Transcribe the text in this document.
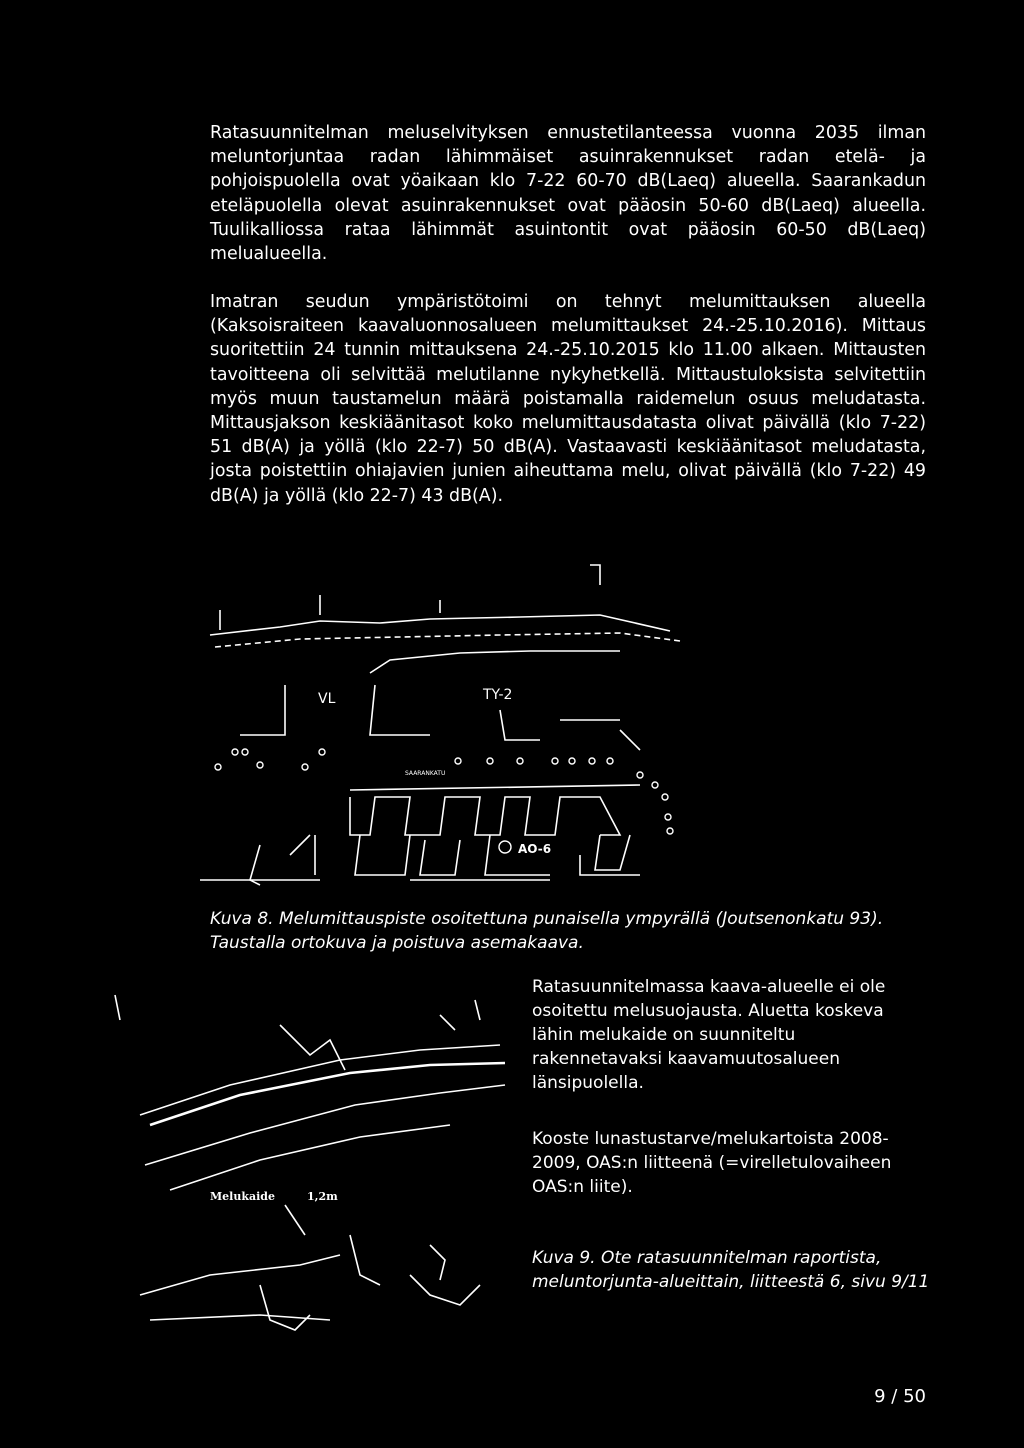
Ratasuunnitelman meluselvityksen ennustetilanteessa vuonna 2035 ilman meluntorjuntaa radan lähimmäiset asuinrakennukset radan etelä- ja pohjoispuolella ovat yöaikaan klo 7-22 60-70 dB(Laeq) alueella. Saarankadun eteläpuolella olevat asuinrakennukset ovat pääosin 50-60 dB(Laeq) alueella. Tuulikalliossa rataa lähimmät asuintontit ovat pääosin 60-50 dB(Laeq) melualueella.

Imatran seudun ympäristötoimi on tehnyt melumittauksen alueella (Kaksoisraiteen kaavaluonnosalueen melumittaukset 24.-25.10.2016). Mittaus suoritettiin 24 tunnin mittauksena 24.-25.10.2015 klo 11.00 alkaen. Mittausten tavoitteena oli selvittää melutilanne nykyhetkellä. Mittaustuloksista selvitettiin myös muun taustamelun määrä poistamalla raidemelun osuus meludatasta. Mittausjakson keskiäänitasot koko melumittausdatasta olivat päivällä (klo 7-22) 51 dB(A) ja yöllä (klo 22-7) 50 dB(A). Vastaavasti keskiäänitasot meludatasta, josta poistettiin ohiajavien junien aiheuttama melu, olivat päivällä (klo 7-22) 49 dB(A) ja yöllä (klo 22-7) 43 dB(A).

VL	TY-2
SAARANKATU
AO-6

Kuva 8. Melumittauspiste osoitettuna punaisella ympyrällä (Joutsenonkatu 93). Taustalla ortokuva ja poistuva asemakaava.

Melukaide	1,2m

Ratasuunnitelmassa kaava-alueelle ei ole osoitettu melusuojausta. Aluetta koskeva lähin melukaide on suunniteltu rakennetavaksi kaavamuutosalueen länsipuolella.

Kooste lunastustarve/melukartoista 2008-2009, OAS:n liitteenä (=virelletulovaiheen OAS:n liite).

Kuva 9. Ote ratasuunnitelman raportista, meluntorjunta-alueittain, liitteestä 6, sivu 9/11

9 / 50
